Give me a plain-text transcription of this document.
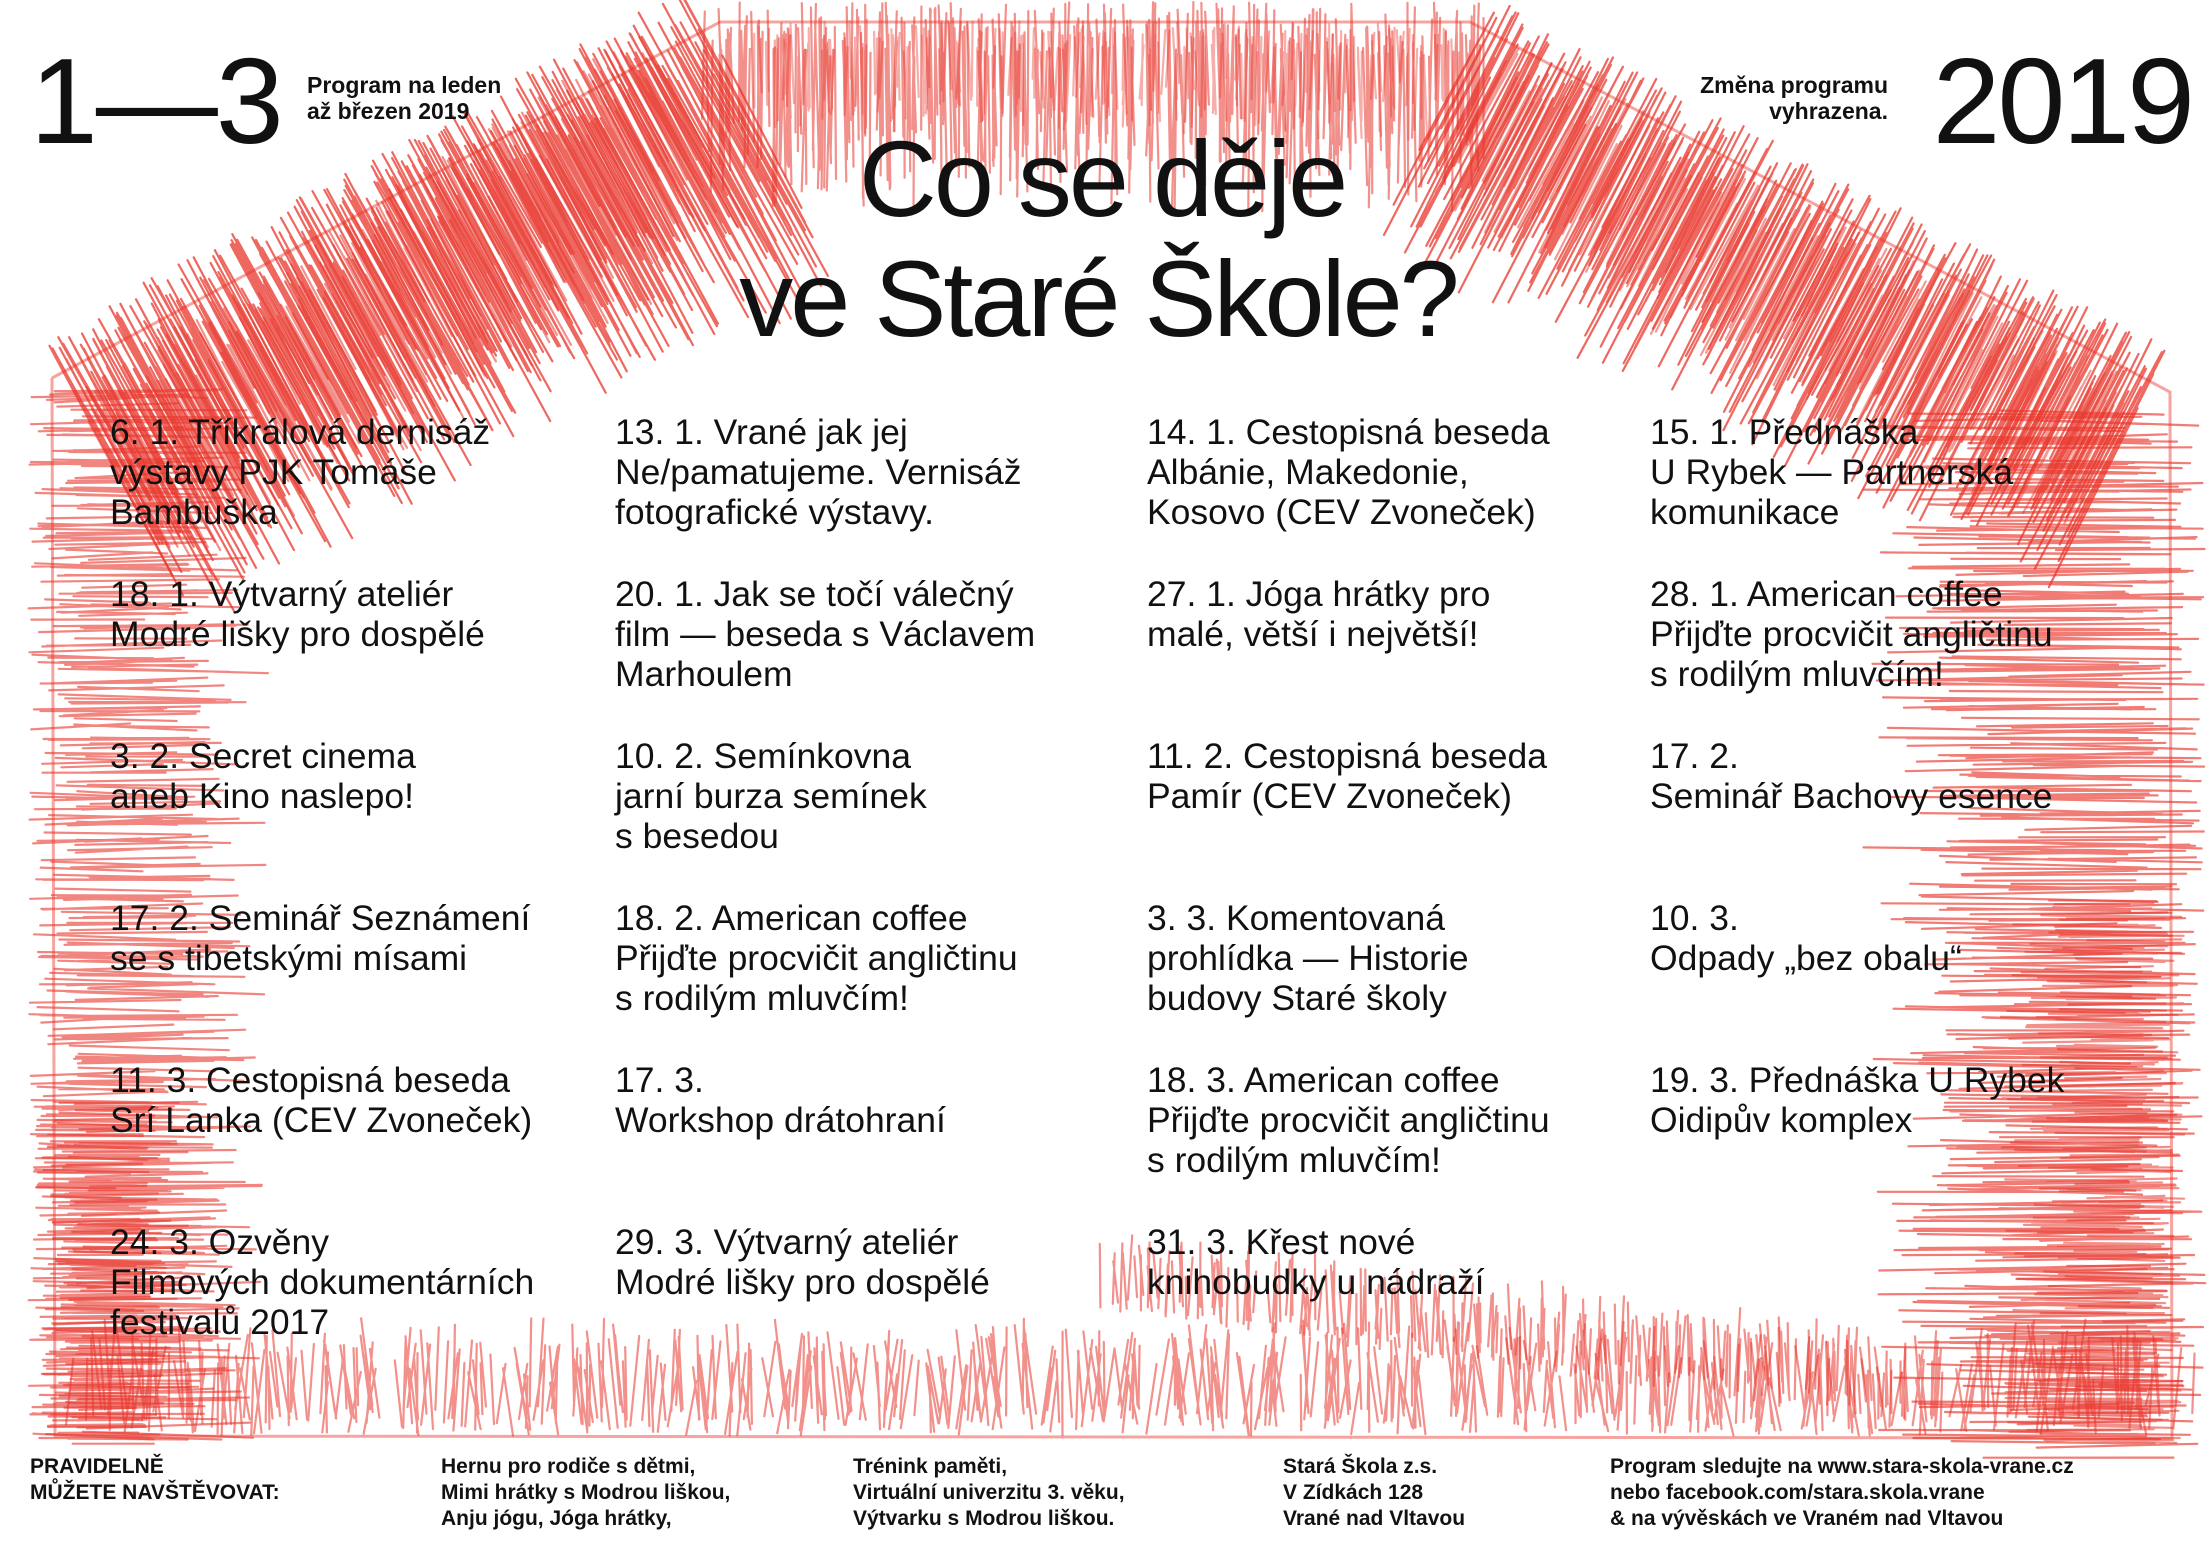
1—3 Program na leden
až březen 2019
Změna programu
vyhrazena. 2019
Co se děje
ve Staré Škole?
6. 1. Tříkrálová dernisáž
výstavy PJK Tomáše
Bambuška
18. 1. Výtvarný ateliér
Modré lišky pro dospělé
3. 2. Secret cinema
aneb Kino naslepo!
17. 2. Seminář Seznámení
se s tibetskými mísami
11. 3. Cestopisná beseda
Srí Lanka (CEV Zvoneček)
24. 3. Ozvěny
Filmových dokumentárních
festivalů 2017
13. 1. Vrané jak jej
Ne/pamatujeme. Vernisáž
fotografické výstavy.
20. 1. Jak se točí válečný
film — beseda s Václavem
Marhoulem
10. 2. Semínkovna
jarní burza semínek
s besedou
18. 2. American coffee
Přijďte procvičit angličtinu
s rodilým mluvčím!
17. 3.
Workshop drátohraní
29. 3. Výtvarný ateliér
Modré lišky pro dospělé
14. 1. Cestopisná beseda
Albánie, Makedonie,
Kosovo (CEV Zvoneček)
27. 1. Jóga hrátky pro
malé, větší i největší!
11. 2. Cestopisná beseda
Pamír (CEV Zvoneček)
3. 3. Komentovaná
prohlídka — Historie
budovy Staré školy
18. 3. American coffee
Přijďte procvičit angličtinu
s rodilým mluvčím!
31. 3. Křest nové
knihobudky u nádraží
15. 1. Přednáška
U Rybek — Partnerská
komunikace
28. 1. American coffee
Přijďte procvičit angličtinu
s rodilým mluvčím!
17. 2.
Seminář Bachovy esence
10. 3.
Odpady „bez obalu“
19. 3. Přednáška U Rybek
Oidipův komplex
PRAVIDELNĚ
MŮŽETE NAVŠTĚVOVAT:
Hernu pro rodiče s dětmi,
Mimi hrátky s Modrou liškou,
Anju jógu, Jóga hrátky,
Trénink paměti,
Virtuální univerzitu 3. věku,
Výtvarku s Modrou liškou.
Stará Škola z.s.
V Zídkách 128
Vrané nad Vltavou
Program sledujte na www.stara-skola-vrane.cz
nebo facebook.com/stara.skola.vrane
& na vývěskách ve Vraném nad Vltavou
